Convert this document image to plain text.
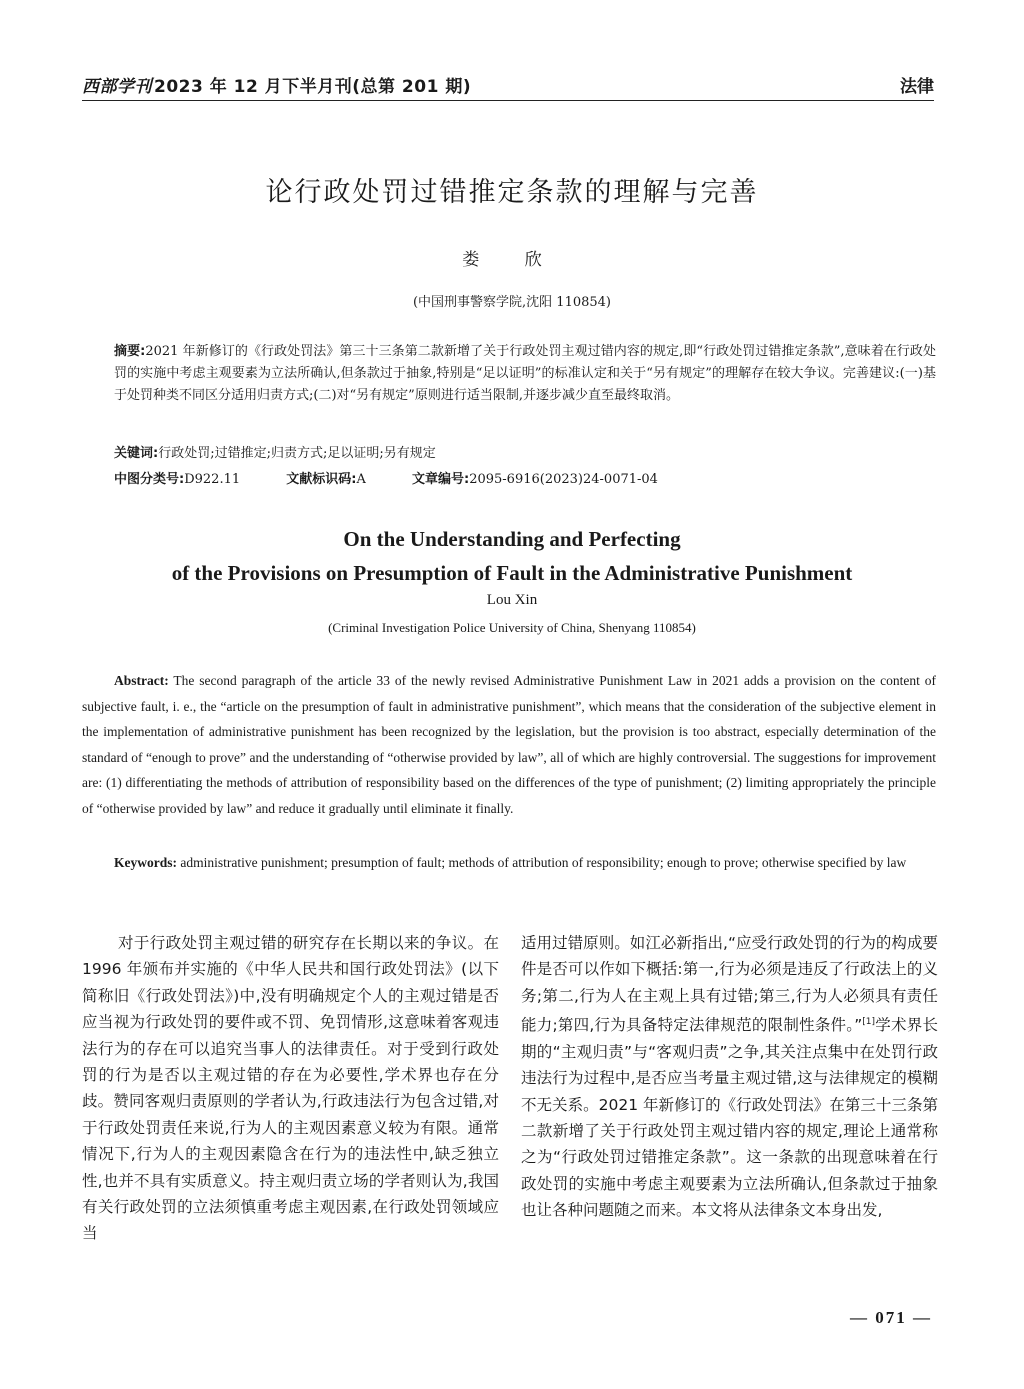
西部学刊 2023 年 12 月下半月刊(总第 201 期)	法律
论行政处罚过错推定条款的理解与完善
娄 欣
(中国刑事警察学院,沈阳 110854)
摘要:2021 年新修订的《行政处罚法》第三十三条第二款新增了关于行政处罚主观过错内容的规定,即“行政处罚过错推定条款”,意味着在行政处罚的实施中考虑主观要素为立法所确认,但条款过于抽象,特别是“足以证明”的标准认定和关于“另有规定”的理解存在较大争议。完善建议:(一)基于处罚种类不同区分适用归责方式;(二)对“另有规定”原则进行适当限制,并逐步减少直至最终取消。
关键词:行政处罚;过错推定;归责方式;足以证明;另有规定
中图分类号:D922.11	文献标识码:A	文章编号:2095-6916(2023)24-0071-04
On the Understanding and Perfecting
of the Provisions on Presumption of Fault in the Administrative Punishment
Lou Xin
(Criminal Investigation Police University of China, Shenyang 110854)
Abstract: The second paragraph of the article 33 of the newly revised Administrative Punishment Law in 2021 adds a provision on the content of subjective fault, i. e., the “article on the presumption of fault in administrative punishment”, which means that the consideration of the subjective element in the implementation of administrative punishment has been recognized by the legislation, but the provision is too abstract, especially determination of the standard of “enough to prove” and the understanding of “otherwise provided by law”, all of which are highly controversial. The suggestions for improvement are: (1) differentiating the methods of attribution of responsibility based on the differences of the type of punishment; (2) limiting appropriately the principle of “otherwise provided by law” and reduce it gradually until eliminate it finally.
Keywords: administrative punishment; presumption of fault; methods of attribution of responsibility; enough to prove; otherwise specified by law
对于行政处罚主观过错的研究存在长期以来的争议。在 1996 年颁布并实施的《中华人民共和国行政处罚法》(以下简称旧《行政处罚法》)中,没有明确规定个人的主观过错是否应当视为行政处罚的要件或不罚、免罚情形,这意味着客观违法行为的存在可以追究当事人的法律责任。对于受到行政处罚的行为是否以主观过错的存在为必要性,学术界也存在分歧。赞同客观归责原则的学者认为,行政违法行为包含过错,对于行政处罚责任来说,行为人的主观因素意义较为有限。通常情况下,行为人的主观因素隐含在行为的违法性中,缺乏独立性,也并不具有实质意义。持主观归责立场的学者则认为,我国有关行政处罚的立法须慎重考虑主观因素,在行政处罚领域应当
适用过错原则。如江必新指出,“应受行政处罚的行为的构成要件是否可以作如下概括:第一,行为必须是违反了行政法上的义务;第二,行为人在主观上具有过错;第三,行为人必须具有责任能力;第四,行为具备特定法律规范的限制性条件。”[1]学术界长期的“主观归责”与“客观归责”之争,其关注点集中在处罚行政违法行为过程中,是否应当考量主观过错,这与法律规定的模糊不无关系。2021 年新修订的《行政处罚法》在第三十三条第二款新增了关于行政处罚主观过错内容的规定,理论上通常称之为“行政处罚过错推定条款”。这一条款的出现意味着在行政处罚的实施中考虑主观要素为立法所确认,但条款过于抽象也让各种问题随之而来。本文将从法律条文本身出发,
— 071 —
